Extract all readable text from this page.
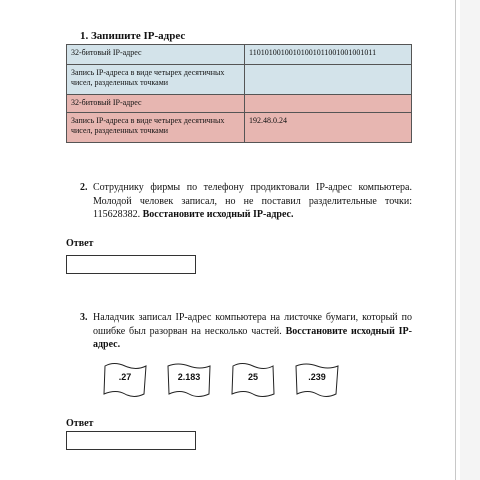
1. Запишите IP-адрес
32-битовый IP-адрес	11010100100101001011001001001011
Запись IP-адреса в виде четырех десятичных чисел, разделенных точками	
32-битовый IP-адрес	
Запись IP-адреса в виде четырех десятичных чисел, разделенных точками	192.48.0.24
2. Сотруднику фирмы по телефону продиктовали IP-адрес компьютера. Молодой человек записал, но не поставил разделительные точки: 115628382. Восстановите исходный IP-адрес.
Ответ
3. Наладчик записал IP-адрес компьютера на листочке бумаги, который по ошибке был разорван на несколько частей. Восстановите исходный IP-адрес.
.27	2.183	25	.239
Ответ
